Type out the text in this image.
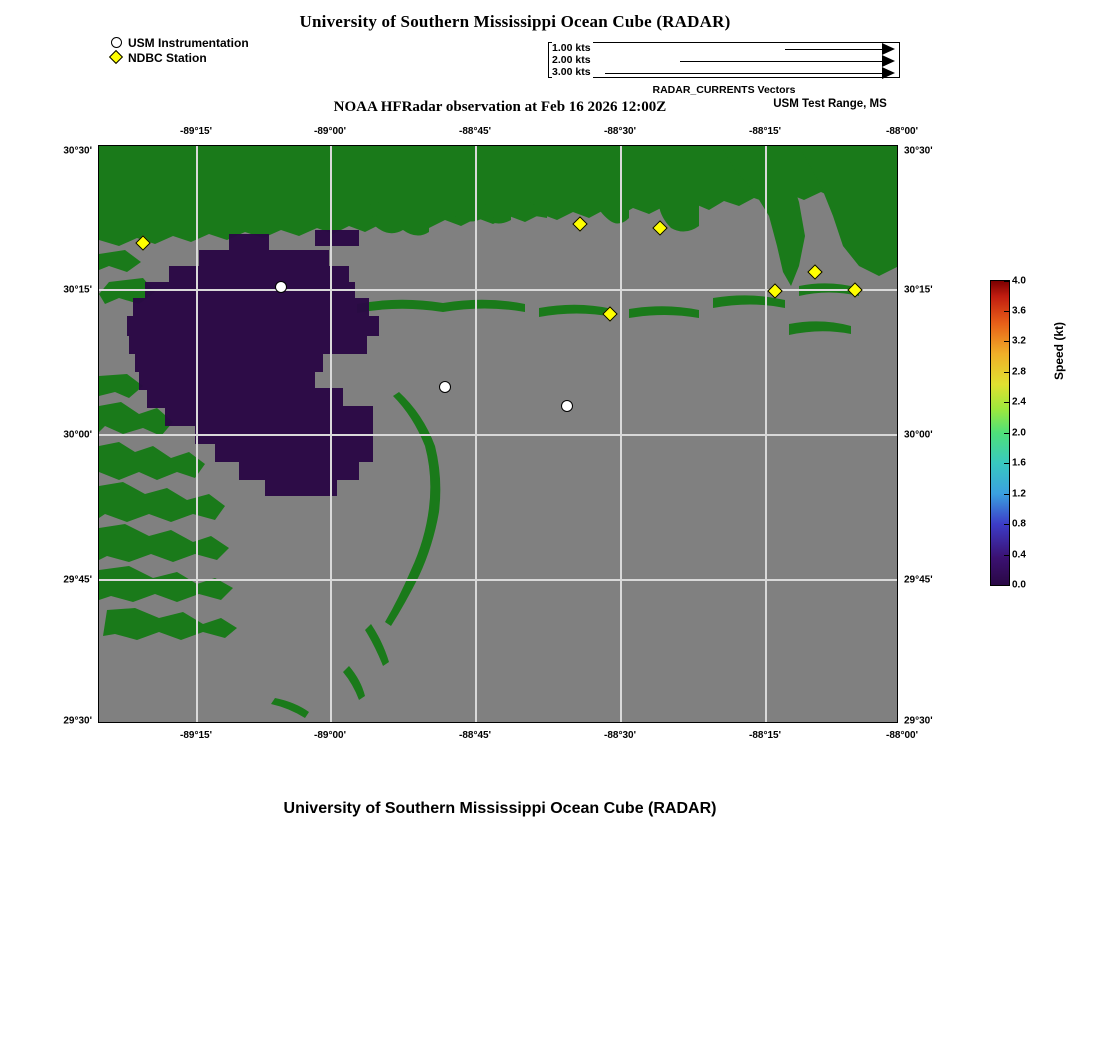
University of Southern Mississippi Ocean Cube (RADAR)
USM Instrumentation
NDBC Station
1.00 kts
2.00 kts
3.00 kts
RADAR_CURRENTS Vectors
NOAA HFRadar observation at Feb 16 2026 12:00Z	USM Test Range, MS
-89°15'	-89°00'	-88°45'	-88°30'	-88°15'	-88°00'
-89°15'	-89°00'	-88°45'	-88°30'	-88°15'	-88°00'
30°30'
30°15'
30°00'
29°45'
29°30'
30°30'
30°15'
30°00'
29°45'
29°30'
4.0
3.6
3.2
2.8
2.4
2.0
1.6
1.2
0.8
0.4
0.0
Speed (kt)
University of Southern Mississippi Ocean Cube (RADAR)
